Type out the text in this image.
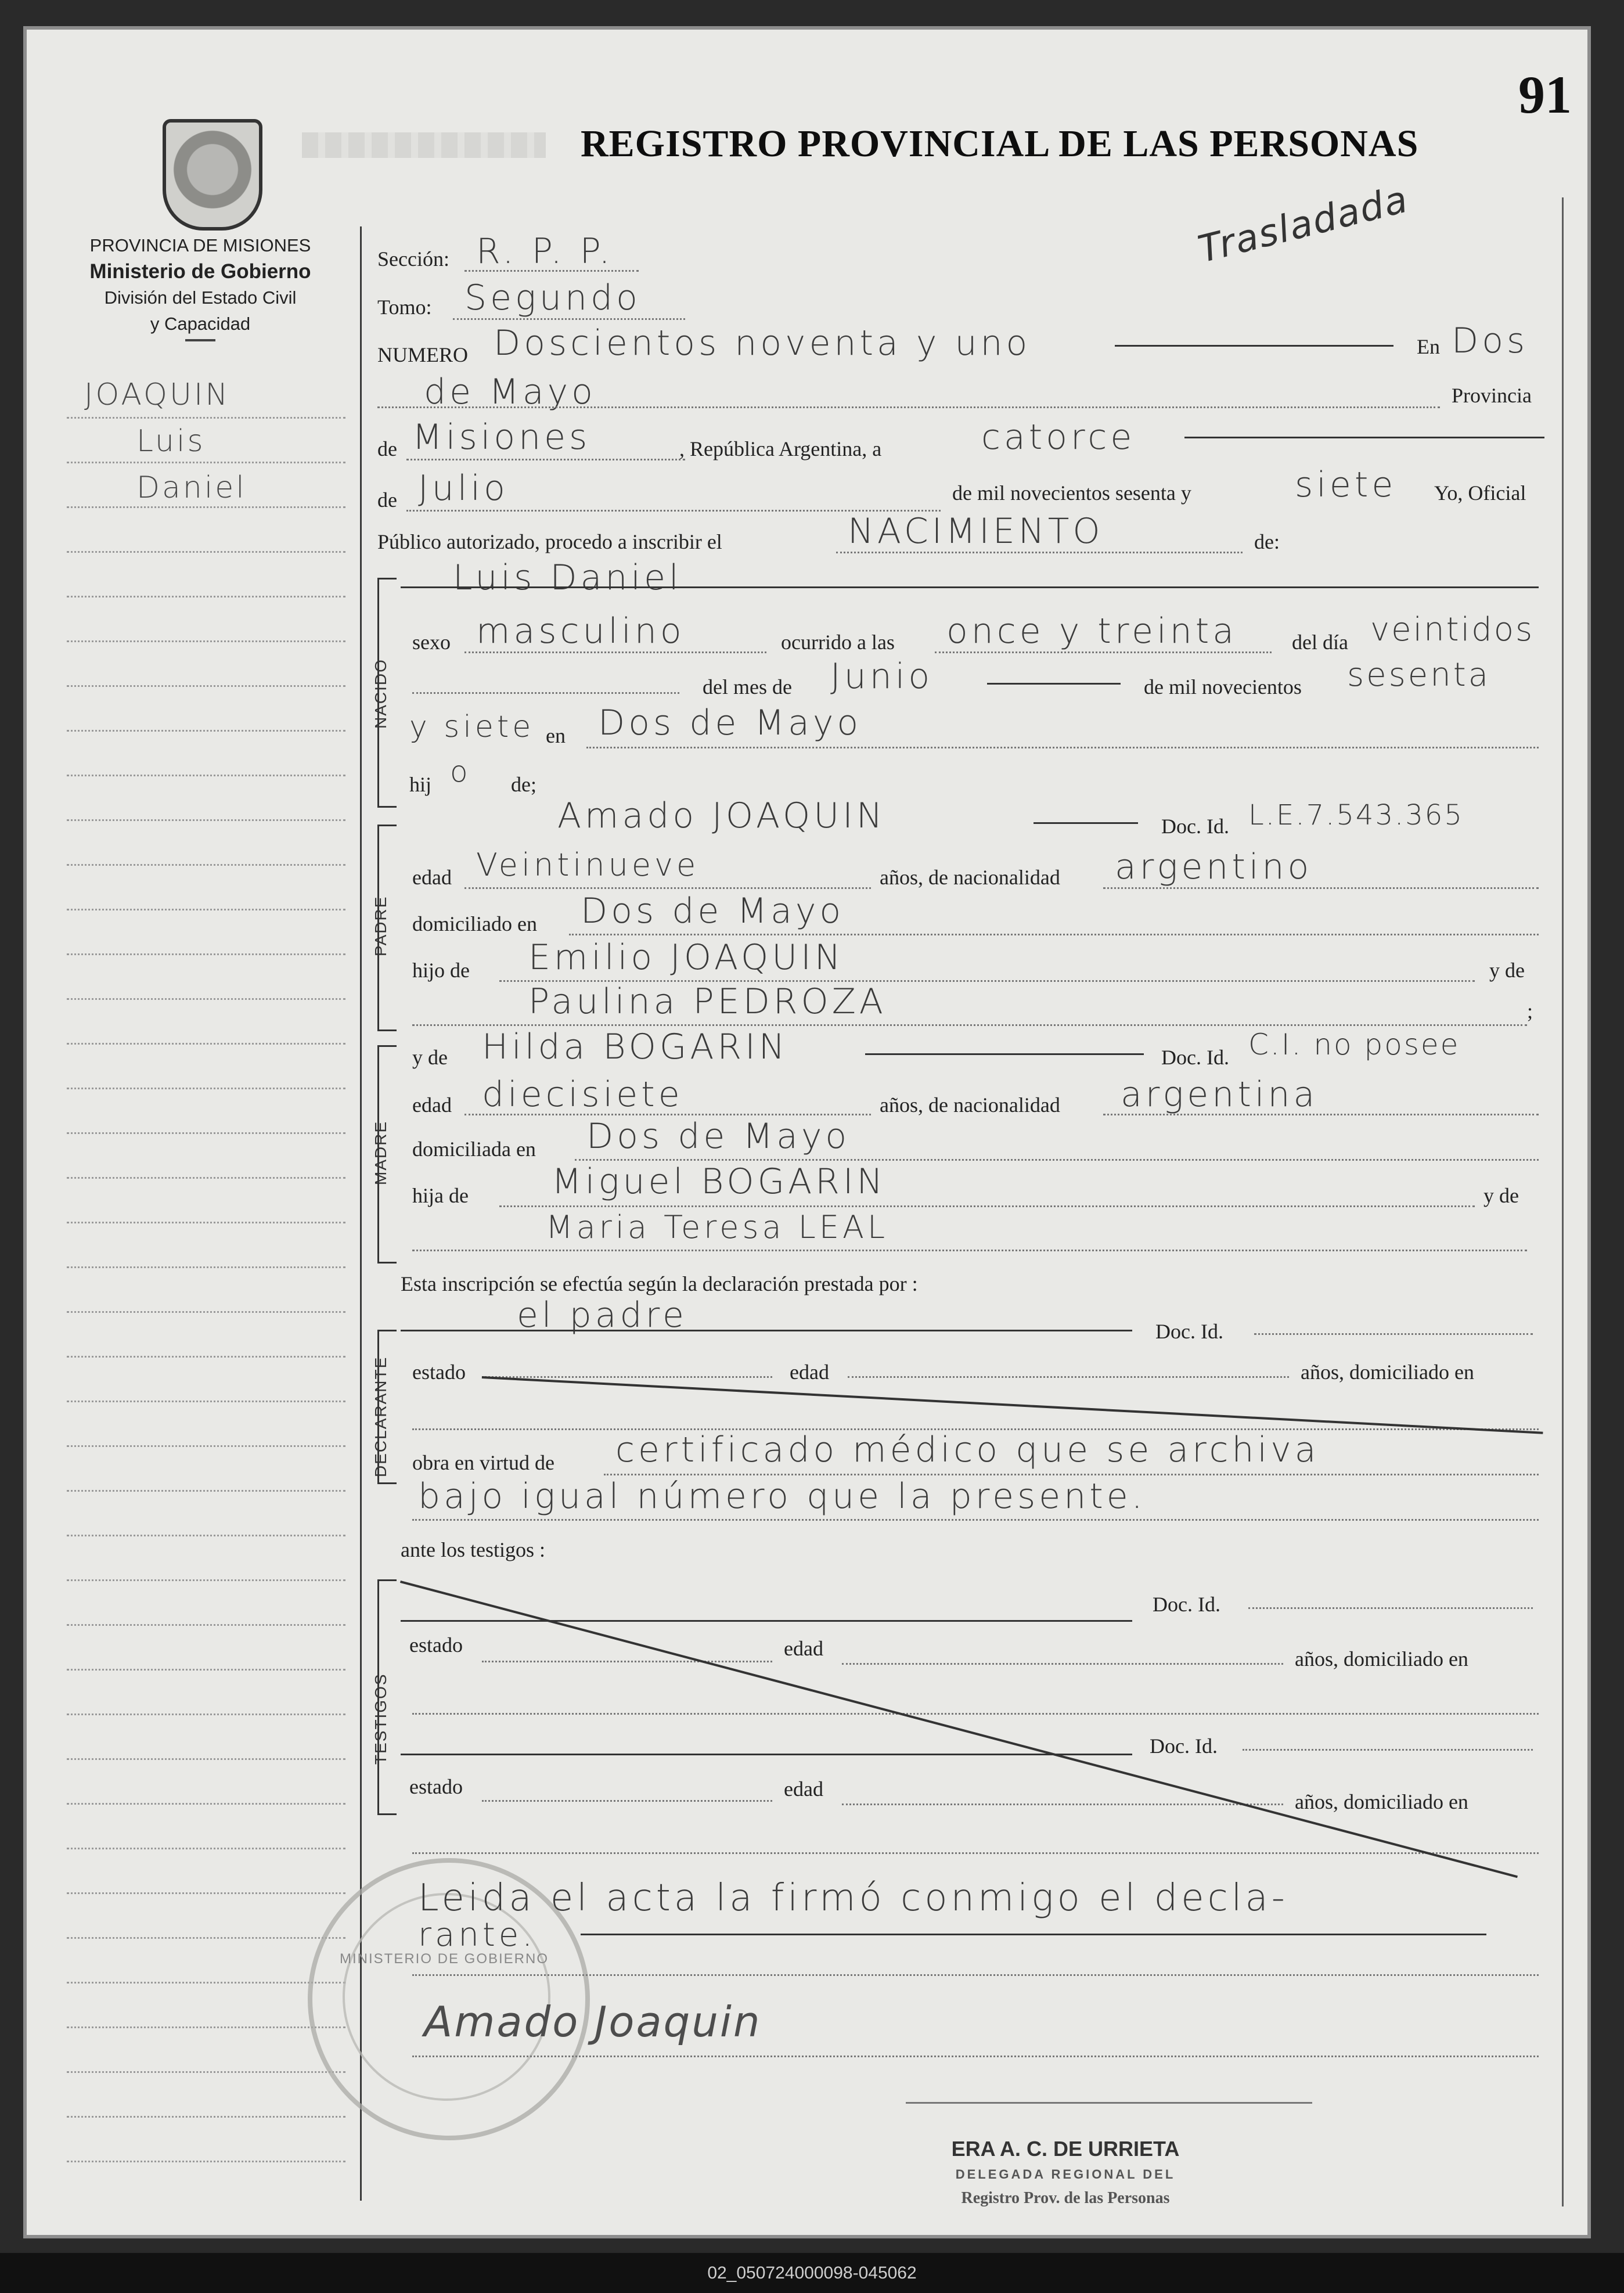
91
REGISTRO PROVINCIAL DE LAS PERSONAS
Trasladada
PROVINCIA DE MISIONES
Ministerio de Gobierno
División del Estado Civil
y Capacidad
JOAQUIN
Luis
Daniel
Sección: R. P. P.
Tomo: Segundo
NUMERO Doscientos noventa y uno	En Dos
de Mayo	Provincia
de Misiones	, República Argentina, a	catorce
de Julio	de mil novecientos sesenta y	siete Yo, Oficial
Público autorizado, procedo a inscribir el	NACIMIENTO	de:
NACIDO
Luis Daniel
sexo masculino	ocurrido a las once y treinta	del día veintidos
del mes de Junio	de mil novecientos sesenta
y siete en Dos de Mayo
hij o de;
PADRE
Amado JOAQUIN	Doc. Id. L.E.7.543.365
edad Veintinueve	años, de nacionalidad argentino
domiciliado en Dos de Mayo
hijo de Emilio JOAQUIN	y de
Paulina PEDROZA	;
MADRE
y de Hilda BOGARIN	Doc. Id. C.I. no posee
edad diecisiete	años, de nacionalidad argentina
domiciliada en Dos de Mayo
hija de Miguel BOGARIN	y de
Maria Teresa LEAL
Esta inscripción se efectúa según la declaración prestada por :
DECLARANTE
el padre	Doc. Id.
estado	edad	años, domiciliado en
obra en virtud de certificado médico que se archiva
bajo igual número que la presente.
ante los testigos :
TESTIGOS
Doc. Id.
estado	edad	años, domiciliado en
Doc. Id.
estado	edad
años, domiciliado en
MINISTERIO DE GOBIERNO
Leida el acta la firmó conmigo el decla-
rante.
Amado Joaquin
ERA A. C. DE URRIETA
DELEGADA REGIONAL DEL
Registro Prov. de las Personas
02_050724000098-045062
